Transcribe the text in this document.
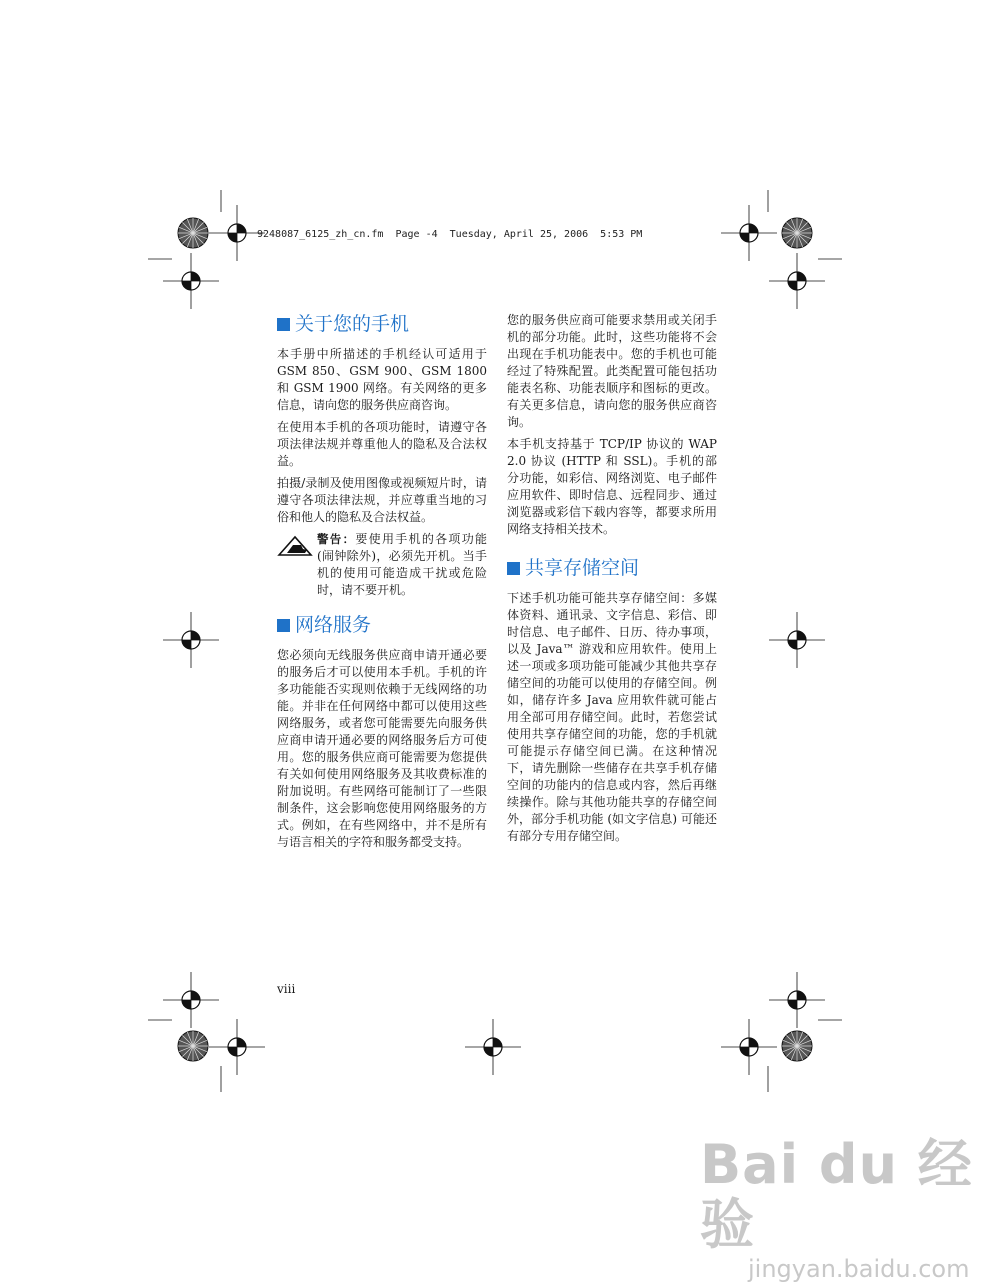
9248087_6125_zh_cn.fm  Page -4  Tuesday, April 25, 2006  5:53 PM
关于您的手机

本手册中所描述的手机经认可适用于 GSM 850、GSM 900、GSM 1800 和 GSM 1900 网络。有关网络的更多信息，请向您的服务供应商咨询。

在使用本手机的各项功能时，请遵守各项法律法规并尊重他人的隐私及合法权益。

拍摄/录制及使用图像或视频短片时，请遵守各项法律法规，并应尊重当地的习俗和他人的隐私及合法权益。

警告：要使用手机的各项功能 (闹钟除外)，必须先开机。当手机的使用可能造成干扰或危险时，请不要开机。
网络服务

您必须向无线服务供应商申请开通必要的服务后才可以使用本手机。手机的许多功能能否实现则依赖于无线网络的功能。并非在任何网络中都可以使用这些网络服务，或者您可能需要先向服务供应商申请开通必要的网络服务后方可使用。您的服务供应商可能需要为您提供有关如何使用网络服务及其收费标准的附加说明。有些网络可能制订了一些限制条件，这会影响您使用网络服务的方式。例如，在有些网络中，并不是所有与语言相关的字符和服务都受支持。

您的服务供应商可能要求禁用或关闭手机的部分功能。此时，这些功能将不会出现在手机功能表中。您的手机也可能经过了特殊配置。此类配置可能包括功能表名称、功能表顺序和图标的更改。有关更多信息，请向您的服务供应商咨询。

本手机支持基于 TCP/IP 协议的 WAP 2.0 协议 (HTTP 和 SSL)。手机的部分功能，如彩信、网络浏览、电子邮件应用软件、即时信息、远程同步、通过浏览器或彩信下载内容等，都要求所用网络支持相关技术。

共享存储空间

下述手机功能可能共享存储空间：多媒体资料、通讯录、文字信息、彩信、即时信息、电子邮件、日历、待办事项，以及 Java™ 游戏和应用软件。使用上述一项或多项功能可能减少其他共享存储空间的功能可以使用的存储空间。例如，储存许多 Java 应用软件就可能占用全部可用存储空间。此时，若您尝试使用共享存储空间的功能，您的手机就可能提示存储空间已满。在这种情况下，请先删除一些储存在共享手机存储空间的功能内的信息或内容，然后再继续操作。除与其他功能共享的存储空间外，部分手机功能 (如文字信息) 可能还有部分专用存储空间。

viii
Bai du 经验
jingyan.baidu.com
